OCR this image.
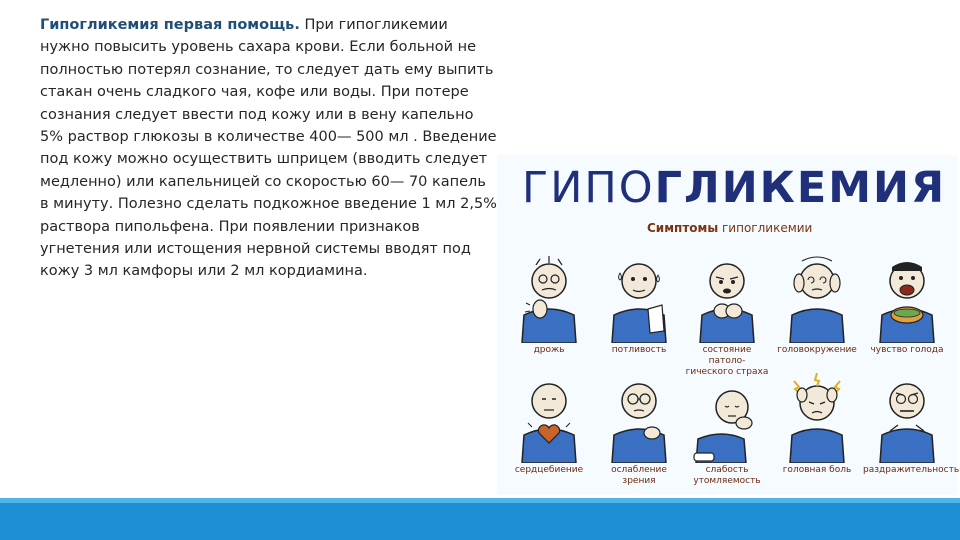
Гипогликемия первая помощь. При гипогликемии нужно повысить уровень сахара крови. Если больной не полностью потерял сознание, то следует дать ему выпить стакан очень сладкого чая, кофе или воды. При потере сознания следует ввести под кожу или в вену капельно 5% раствор глюкозы в количестве 400— 500 мл . Введение под кожу можно осуществить шприцем (вводить следует медленно) или капельницей со скоростью 60— 70 капель в минуту. Полезно сделать подкожное введение 1 мл 2,5% раствора пипольфена. При появлении признаков угнетения или истощения нервной системы вводят под кожу 3 мл камфоры или 2 мл кордиамина.
ГИПОГЛИКЕМИЯ
Симптомы гипогликемии
дрожь	потливость	состояние патоло-
гического страха
головокружение	чувство голода
сердцебиение	ослабление
зрения
слабость
утомляемость
головная боль	раздражительность
